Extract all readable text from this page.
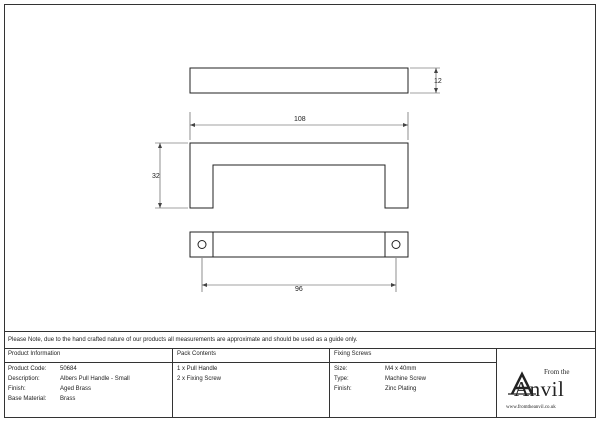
12
108
32
96
Please Note, due to the hand crafted nature of our products all measurements are approximate and should be used as a guide only.
Product Information	Pack Contents	Fixing Screws
Product Code: 50684
Description:	Albers Pull Handle - Small
Finish:	Aged Brass
Base Material: Brass
1 x Pull Handle
2 x Fixing Screw
Size:	M4 x 40mm
Type:	Machine Screw
Finish:	Zinc Plating
From the
Anvil
www.fromtheanvil.co.uk
